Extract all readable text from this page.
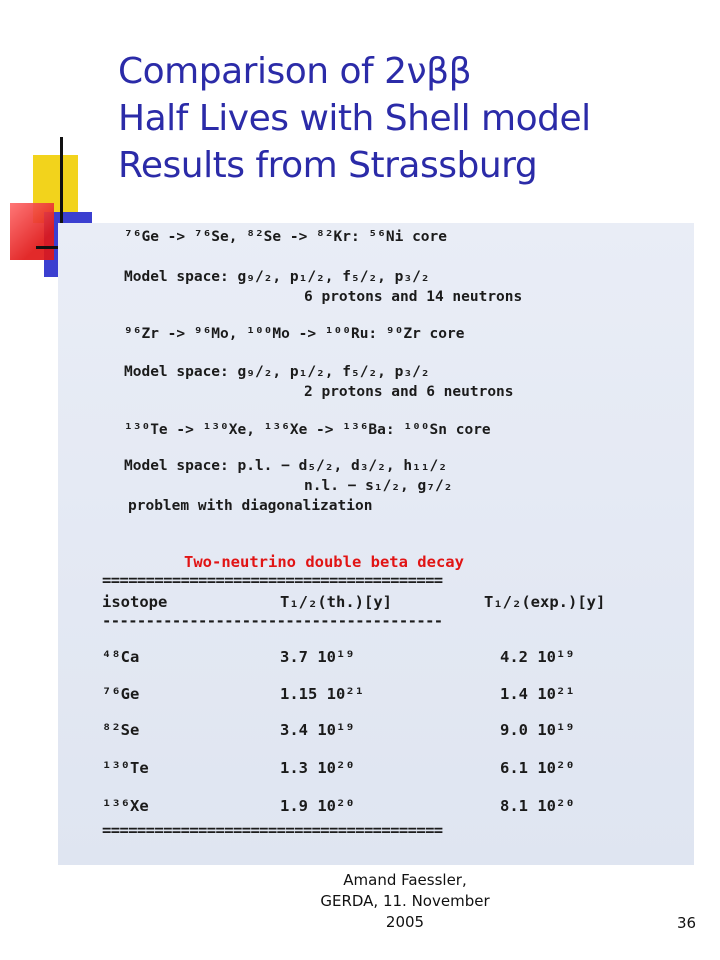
Comparison of 2νββ
Half Lives with Shell model
Results from Strassburg
⁷⁶Ge -> ⁷⁶Se, ⁸²Se -> ⁸²Kr: ⁵⁶Ni core
Model space: g₉/₂, p₁/₂, f₅/₂, p₃/₂
6 protons and 14 neutrons
⁹⁶Zr -> ⁹⁶Mo, ¹⁰⁰Mo -> ¹⁰⁰Ru: ⁹⁰Zr core
Model space: g₉/₂, p₁/₂, f₅/₂, p₃/₂
2 protons and 6 neutrons
¹³⁰Te -> ¹³⁰Xe, ¹³⁶Xe -> ¹³⁶Ba: ¹⁰⁰Sn core
Model space: p.l. − d₅/₂, d₃/₂, h₁₁/₂
n.l. − s₁/₂, g₇/₂
problem with diagonalization
Two-neutrino double beta decay
=======================================
isotope	T₁/₂(th.)[y]	T₁/₂(exp.)[y]
---------------------------------------
⁴⁸Ca	3.7 10¹⁹	4.2 10¹⁹
⁷⁶Ge	1.15 10²¹	1.4 10²¹
⁸²Se	3.4 10¹⁹	9.0 10¹⁹
¹³⁰Te	1.3 10²⁰	6.1 10²⁰
¹³⁶Xe	1.9 10²⁰	8.1 10²⁰
=======================================
Amand Faessler,
GERDA, 11. November
2005	36
